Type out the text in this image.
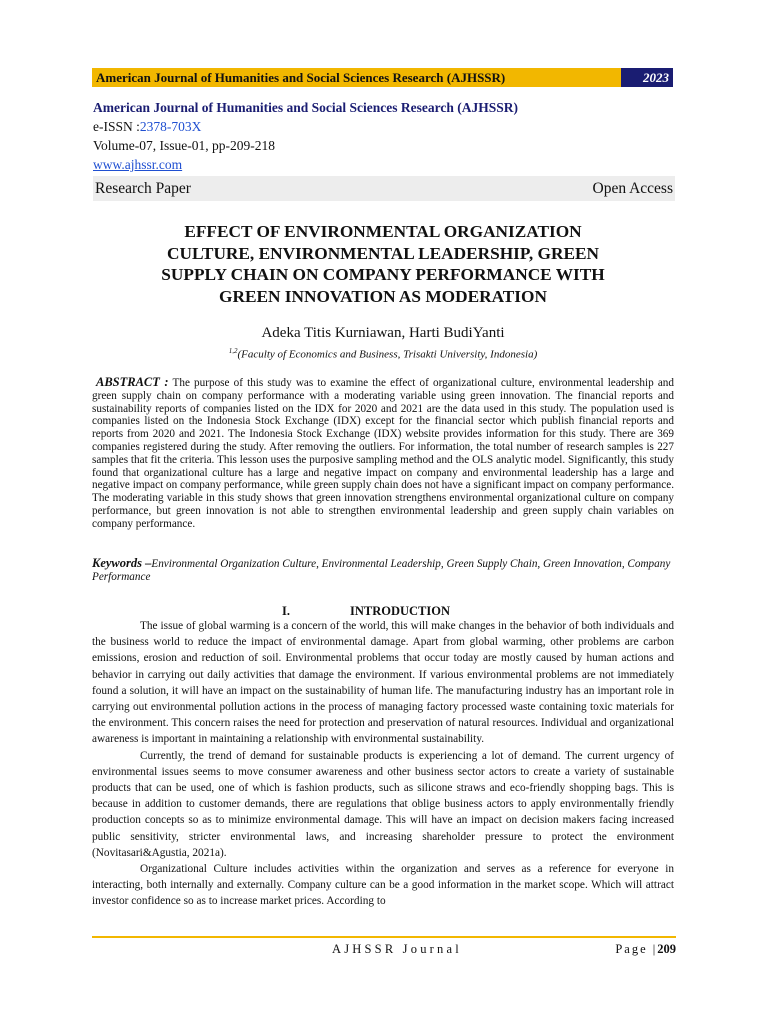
American Journal of Humanities and Social Sciences Research (AJHSSR)	2023
American Journal of Humanities and Social Sciences Research (AJHSSR)
e-ISSN :2378-703X
Volume-07, Issue-01, pp-209-218
www.ajhssr.com
Research Paper	Open Access
EFFECT OF ENVIRONMENTAL ORGANIZATION
CULTURE, ENVIRONMENTAL LEADERSHIP, GREEN
SUPPLY CHAIN ON COMPANY PERFORMANCE WITH
GREEN INNOVATION AS MODERATION
Adeka Titis Kurniawan, Harti BudiYanti
$^{1,2}$(Faculty of Economics and Business, Trisakti University, Indonesia)
ABSTRACT : The purpose of this study was to examine the effect of organizational culture, environmental leadership and green supply chain on company performance with a moderating variable using green innovation. The financial reports and sustainability reports of companies listed on the IDX for 2020 and 2021 are the data used in this study. The population used is companies listed on the Indonesia Stock Exchange (IDX) except for the financial sector which publish financial reports and reports from 2020 and 2021. The Indonesia Stock Exchange (IDX) website provides information for this study. There are 369 companies registered during the study. After removing the outliers. For information, the total number of research samples is 227 samples that fit the criteria. This lesson uses the purposive sampling method and the OLS analytic model. Significantly, this study found that organizational culture has a large and negative impact on company and environmental leadership has a large and negative impact on company performance, while green supply chain does not have a significant impact on company performance. The moderating variable in this study shows that green innovation strengthens environmental organizational culture on company performance, but green innovation is not able to strengthen environmental leadership and green supply chain variables on company performance.
Keywords –Environmental Organization Culture, Environmental Leadership, Green Supply Chain, Green Innovation, Company Performance
I.	INTRODUCTION

The issue of global warming is a concern of the world, this will make changes in the behavior of both individuals and the business world to reduce the impact of environmental damage. Apart from global warming, other problems are carbon emissions, erosion and reduction of soil. Environmental problems that occur today are mostly caused by human actions and behavior in carrying out daily activities that damage the environment. If various environmental problems are not immediately found a solution, it will have an impact on the sustainability of human life. The manufacturing industry has an important role in carrying out environmental pollution actions in the process of managing factory processed waste containing toxic materials for the environment. This concern raises the need for protection and preservation of natural resources. Individual and organizational awareness is important in maintaining a relationship with environmental sustainability.

Currently, the trend of demand for sustainable products is experiencing a lot of demand. The current urgency of environmental issues seems to move consumer awareness and other business sector actors to create a variety of sustainable products that can be used, one of which is fashion products, such as silicone straws and eco-friendly shopping bags. This is because in addition to customer demands, there are regulations that oblige business actors to apply environmentally friendly production concepts so as to minimize environmental damage. This will have an impact on decision makers facing increased public sensitivity, stricter environmental laws, and increasing shareholder pressure to protect the environment (Novitasari&Agustia, 2021a).

Organizational Culture includes activities within the organization and serves as a reference for everyone in interacting, both internally and externally. Company culture can be a good information in the market scope. Which will attract investor confidence so as to increase market prices. According to

AJHSSR Journal	Page |209
